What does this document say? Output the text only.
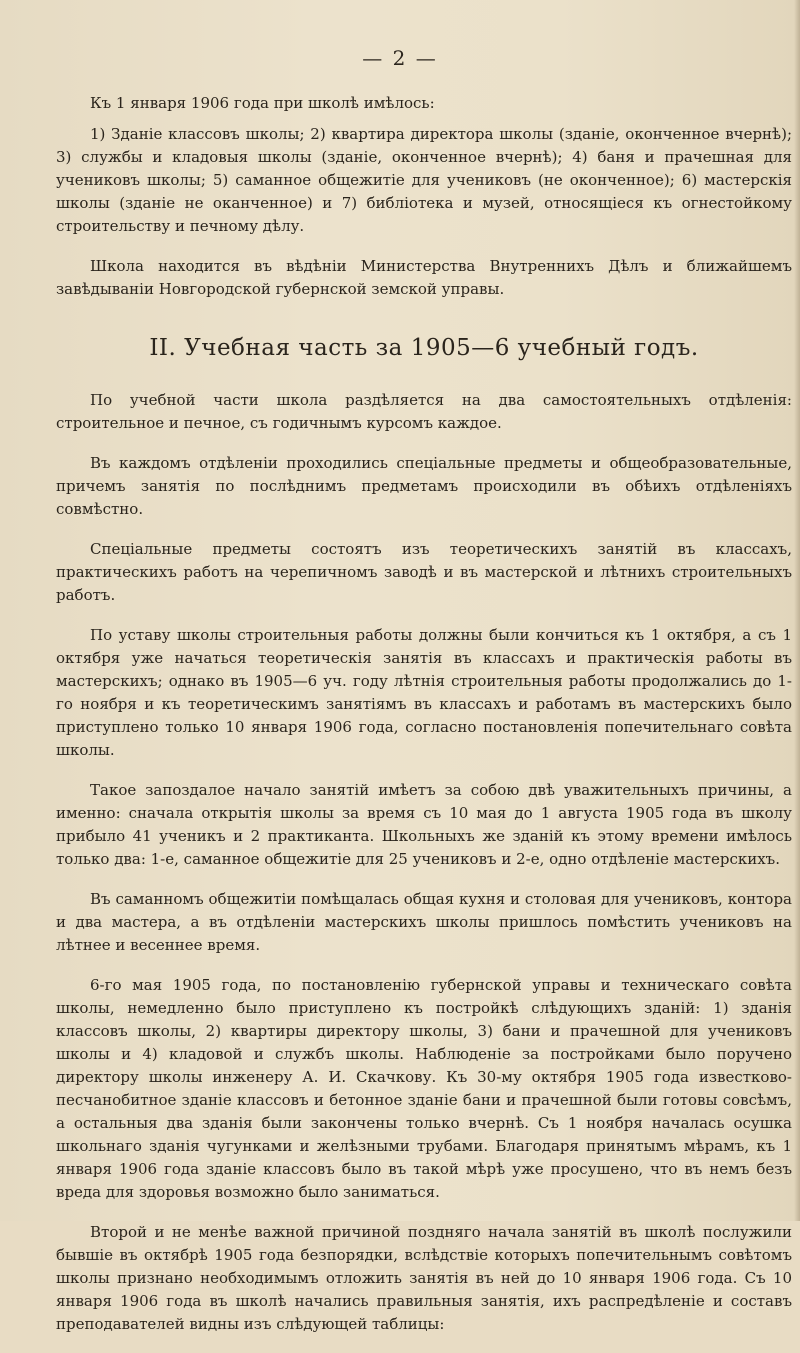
— 2 —

Къ 1 января 1906 года при школѣ имѣлось:

1) Зданіе классовъ школы; 2) квартира директора школы (зданіе, оконченное вчернѣ); 3) службы и кладовыя школы (зданіе, оконченное вчернѣ); 4) баня и прачешная для учениковъ школы; 5) саманное общежитіе для учениковъ (не оконченное); 6) мастерскія школы (зданіе не оканченное) и 7) библіотека и музей, относящіеся къ огнестойкому строительству и печному дѣлу.

Школа находится въ вѣдѣніи Министерства Внутреннихъ Дѣлъ и ближайшемъ завѣдываніи Новгородской губернской земской управы.

II. Учебная часть за 1905—6 учебный годъ.

По учебной части школа раздѣляется на два самостоятельныхъ отдѣленія: строительное и печное, съ годичнымъ курсомъ каждое.

Въ каждомъ отдѣленіи проходились спеціальные предметы и общеобразовательные, причемъ занятія по послѣднимъ предметамъ происходили въ обѣихъ отдѣленіяхъ совмѣстно.

Спеціальные предметы состоятъ изъ теоретическихъ занятій въ классахъ, практическихъ работъ на черепичномъ заводѣ и въ мастерской и лѣтнихъ строительныхъ работъ.

По уставу школы строительныя работы должны были кончиться къ 1 октября, а съ 1 октября уже начаться теоретическія занятія въ классахъ и практическія работы въ мастерскихъ; однако въ 1905—6 уч. году лѣтнія строительныя работы продолжались до 1-го ноября и къ теоретическимъ занятіямъ въ классахъ и работамъ въ мастерскихъ было приступлено только 10 января 1906 года, согласно постановленія попечительнаго совѣта школы.

Такое запоздалое начало занятій имѣетъ за собою двѣ уважительныхъ причины, а именно: сначала открытія школы за время съ 10 мая до 1 августа 1905 года въ школу прибыло 41 ученикъ и 2 практиканта. Школьныхъ же зданій къ этому времени имѣлось только два: 1-е, саманное общежитіе для 25 учениковъ и 2-е, одно отдѣленіе мастерскихъ.

Въ саманномъ общежитіи помѣщалась общая кухня и столовая для учениковъ, контора и два мастера, а въ отдѣленіи мастерскихъ школы пришлось помѣстить учениковъ на лѣтнее и весеннее время.

6-го мая 1905 года, по постановленію губернской управы и техническаго совѣта школы, немедленно было приступлено къ постройкѣ слѣдующихъ зданій: 1) зданія классовъ школы, 2) квартиры директору школы, 3) бани и прачешной для учениковъ школы и 4) кладовой и службъ школы. Наблюденіе за постройками было поручено директору школы инженеру А. И. Скачкову. Къ 30-му октября 1905 года известково-песчанобитное зданіе классовъ и бетонное зданіе бани и прачешной были готовы совсѣмъ, а остальныя два зданія были закончены только вчернѣ. Съ 1 ноября началась осушка школьнаго зданія чугунками и желѣзными трубами. Благодаря принятымъ мѣрамъ, къ 1 января 1906 года зданіе классовъ было въ такой мѣрѣ уже просушено, что въ немъ безъ вреда для здоровья возможно было заниматься.

Второй и не менѣе важной причиной поздняго начала занятій въ школѣ послужили бывшіе въ октябрѣ 1905 года безпорядки, вслѣдствіе которыхъ попечительнымъ совѣтомъ школы признано необходимымъ отложить занятія въ ней до 10 января 1906 года. Съ 10 января 1906 года въ школѣ начались правильныя занятія, ихъ распредѣленіе и составъ преподавателей видны изъ слѣдующей таблицы:
